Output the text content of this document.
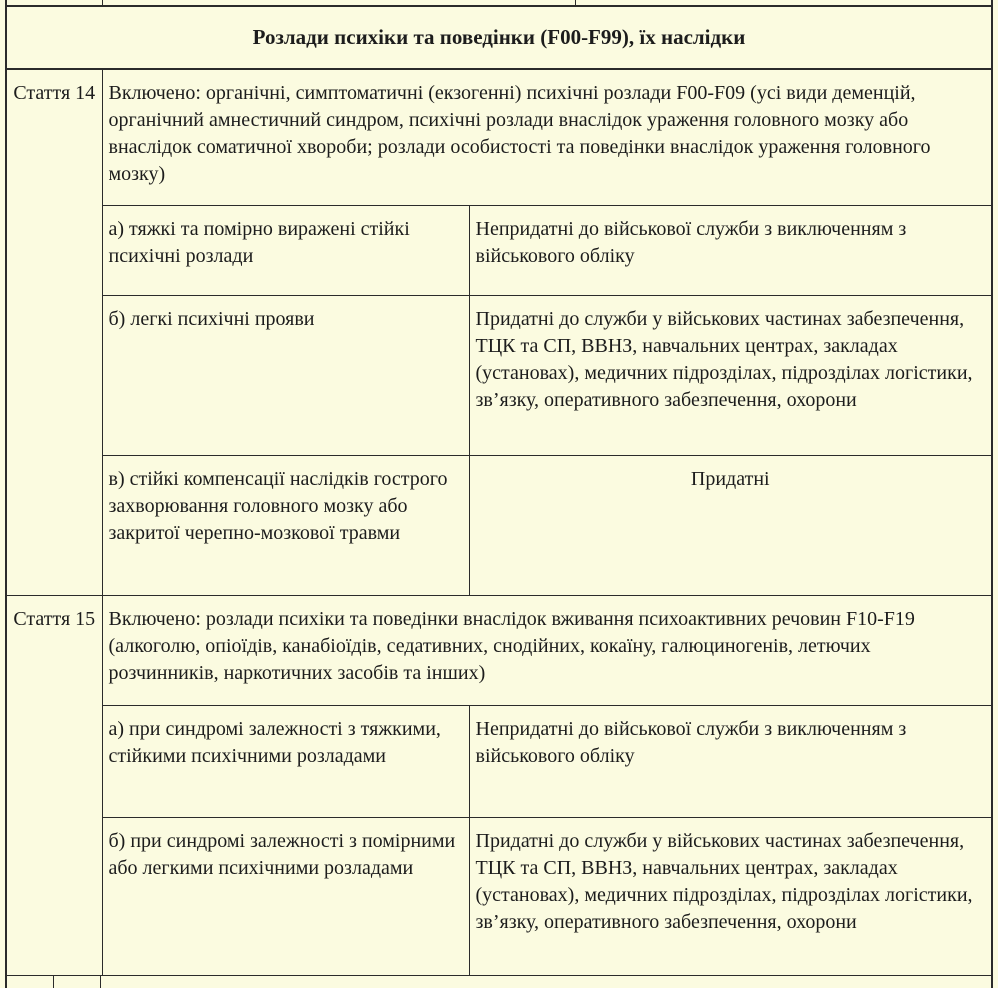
Розлади психіки та поведінки (F00-F99), їх наслідки
Стаття 14	Включено: органічні, симптоматичні (екзогенні) психічні розлади F00-F09 (усі види деменцій, органічний амнестичний синдром, психічні розлади внаслідок ураження головного мозку або внаслідок соматичної хвороби; розлади особистості та поведінки внаслідок ураження головного мозку)	
	а) тяжкі та помірно виражені стійкі психічні розлади	Непридатні до військової служби з виключенням з військового обліку
	б) легкі психічні прояви	Придатні до служби у військових частинах забезпечення, ТЦК та СП, ВВНЗ, навчальних центрах, закладах (установах), медичних підрозділах, підрозділах логістики, зв’язку, оперативного забезпечення, охорони
	в) стійкі компенсації наслідків гострого захворювання головного мозку або закритої черепно-мозкової травми	Придатні
Стаття 15	Включено: розлади психіки та поведінки внаслідок вживання психоактивних речовин F10-F19 (алкоголю, опіоїдів, канабіоїдів, седативних, снодійних, кокаїну, галюциногенів, летючих розчинників, наркотичних засобів та інших)	
	а) при синдромі залежності з тяжкими, стійкими психічними розладами	Непридатні до військової служби з виключенням з військового обліку
	б) при синдромі залежності з помірними або легкими психічними розладами	Придатні до служби у військових частинах забезпечення, ТЦК та СП, ВВНЗ, навчальних центрах, закладах (установах), медичних підрозділах, підрозділах логістики, зв’язку, оперативного забезпечення, охорони
